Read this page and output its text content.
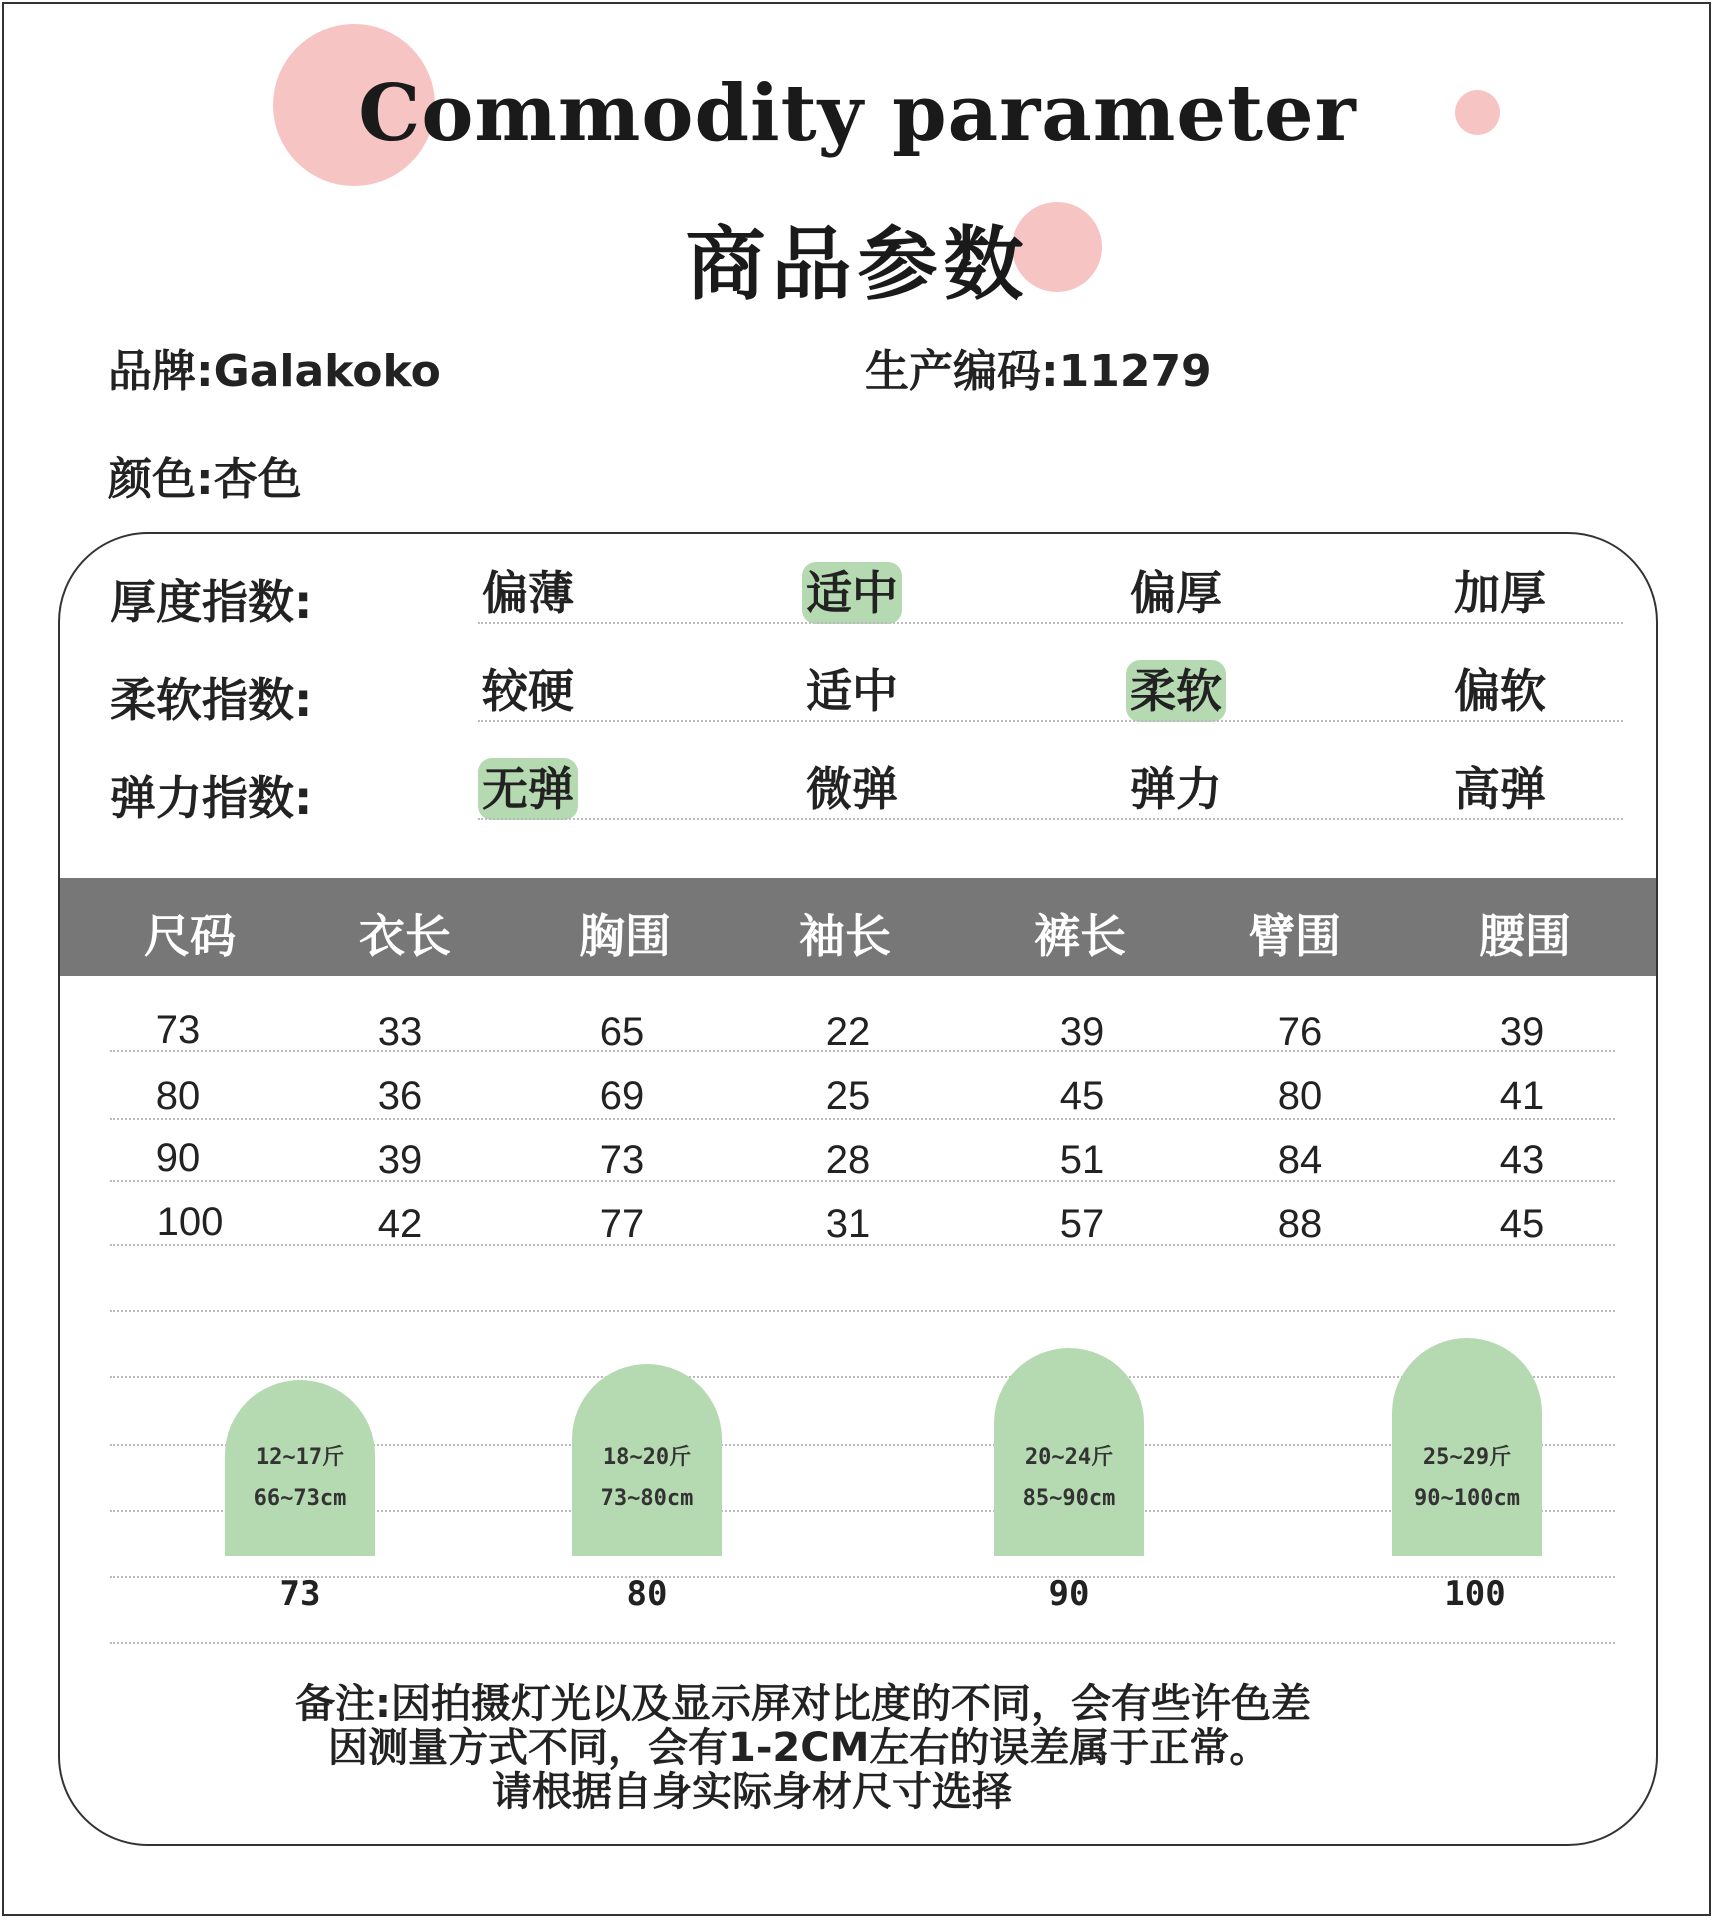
Commodity parameter
商品参数
品牌:Galakoko	生产编码:11279
颜色:杏色
厚度指数:	偏薄	适中	偏厚	加厚
柔软指数:	较硬	适中	柔软	偏软
弹力指数:	无弹	微弹	弹力	高弹
尺码	衣长	胸围	袖长	裤长	臂围	腰围
73	33	65	22	39	76	39
80	36	69	25	45	80	41
90	39	73	28	51	84	43
100	42	77	31	57	88	45
12~17斤
66~73cm
18~20斤
73~80cm
20~24斤
85~90cm
25~29斤
90~100cm
73	80	90	100
备注:因拍摄灯光以及显示屏对比度的不同，会有些许色差
因测量方式不同，会有1-2CM左右的误差属于正常。
请根据自身实际身材尺寸选择
